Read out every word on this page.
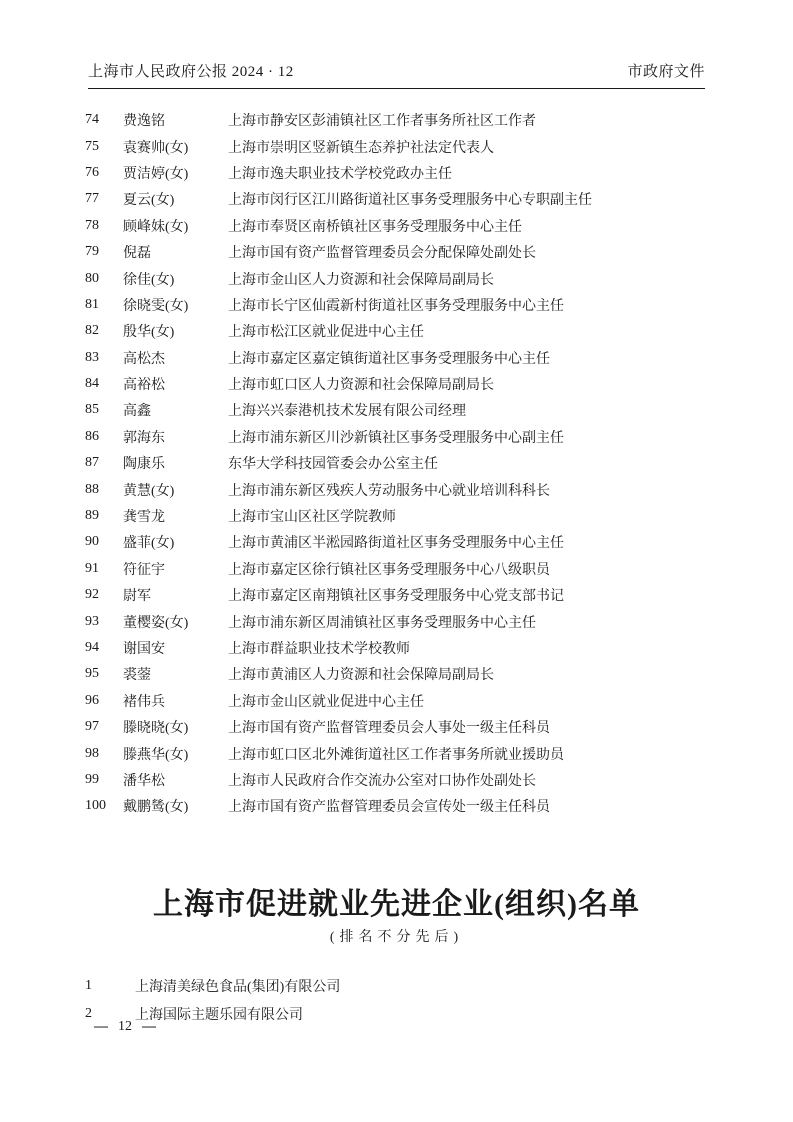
上海市人民政府公报 2024 · 12	市政府文件
74	费逸铭	上海市静安区彭浦镇社区工作者事务所社区工作者
75	袁赛帅(女)	上海市崇明区竖新镇生态养护社法定代表人
76	贾洁婷(女)	上海市逸夫职业技术学校党政办主任
77	夏云(女)	上海市闵行区江川路街道社区事务受理服务中心专职副主任
78	顾峰妹(女)	上海市奉贤区南桥镇社区事务受理服务中心主任
79	倪磊	上海市国有资产监督管理委员会分配保障处副处长
80	徐佳(女)	上海市金山区人力资源和社会保障局副局长
81	徐晓雯(女)	上海市长宁区仙霞新村街道社区事务受理服务中心主任
82	殷华(女)	上海市松江区就业促进中心主任
83	高松杰	上海市嘉定区嘉定镇街道社区事务受理服务中心主任
84	高裕松	上海市虹口区人力资源和社会保障局副局长
85	高鑫	上海兴兴泰港机技术发展有限公司经理
86	郭海东	上海市浦东新区川沙新镇社区事务受理服务中心副主任
87	陶康乐	东华大学科技园管委会办公室主任
88	黄慧(女)	上海市浦东新区残疾人劳动服务中心就业培训科科长
89	龚雪龙	上海市宝山区社区学院教师
90	盛菲(女)	上海市黄浦区半淞园路街道社区事务受理服务中心主任
91	符征宇	上海市嘉定区徐行镇社区事务受理服务中心八级职员
92	尉军	上海市嘉定区南翔镇社区事务受理服务中心党支部书记
93	董樱姿(女)	上海市浦东新区周浦镇社区事务受理服务中心主任
94	谢国安	上海市群益职业技术学校教师
95	裘蓥	上海市黄浦区人力资源和社会保障局副局长
96	褚伟兵	上海市金山区就业促进中心主任
97	滕晓晓(女)	上海市国有资产监督管理委员会人事处一级主任科员
98	滕燕华(女)	上海市虹口区北外滩街道社区工作者事务所就业援助员
99	潘华松	上海市人民政府合作交流办公室对口协作处副处长
100	戴鹏鸶(女)	上海市国有资产监督管理委员会宣传处一级主任科员
上海市促进就业先进企业(组织)名单
(排名不分先后)
1	上海清美绿色食品(集团)有限公司
2	上海国际主题乐园有限公司
— 12 —
